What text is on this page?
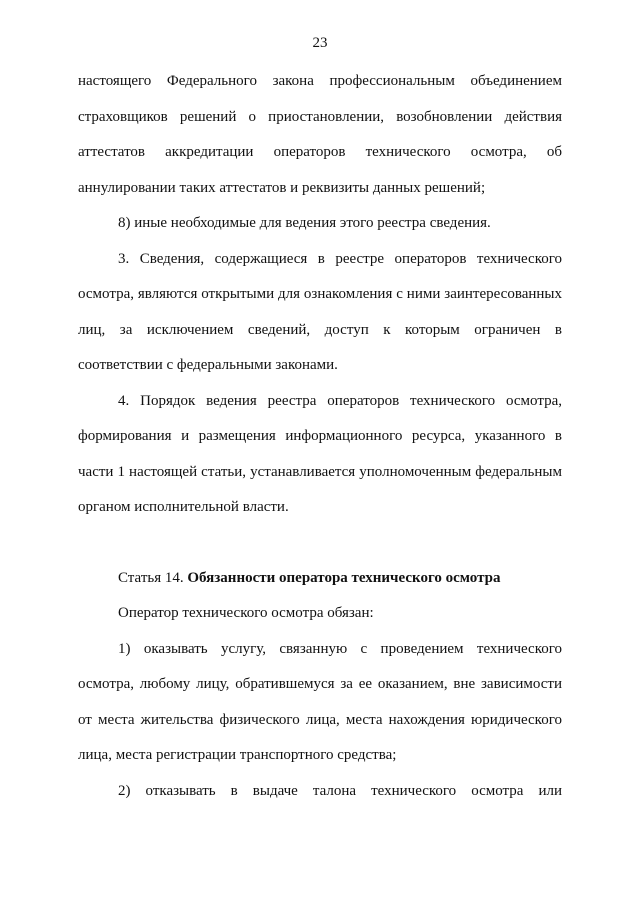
23

настоящего Федерального закона профессиональным объединением страховщиков решений о приостановлении, возобновлении действия аттестатов аккредитации операторов технического осмотра, об аннулировании таких аттестатов и реквизиты данных решений;

8) иные необходимые для ведения этого реестра сведения.

3. Сведения, содержащиеся в реестре операторов технического осмотра, являются открытыми для ознакомления с ними заинтересованных лиц, за исключением сведений, доступ к которым ограничен в соответствии с федеральными законами.

4. Порядок ведения реестра операторов технического осмотра, формирования и размещения информационного ресурса, указанного в части 1 настоящей статьи, устанавливается уполномоченным федеральным органом исполнительной власти.

Статья 14. Обязанности оператора технического осмотра

Оператор технического осмотра обязан:

1) оказывать услугу, связанную с проведением технического осмотра, любому лицу, обратившемуся за ее оказанием, вне зависимости от места жительства физического лица, места нахождения юридического лица, места регистрации транспортного средства;

2) отказывать в выдаче талона технического осмотра или
